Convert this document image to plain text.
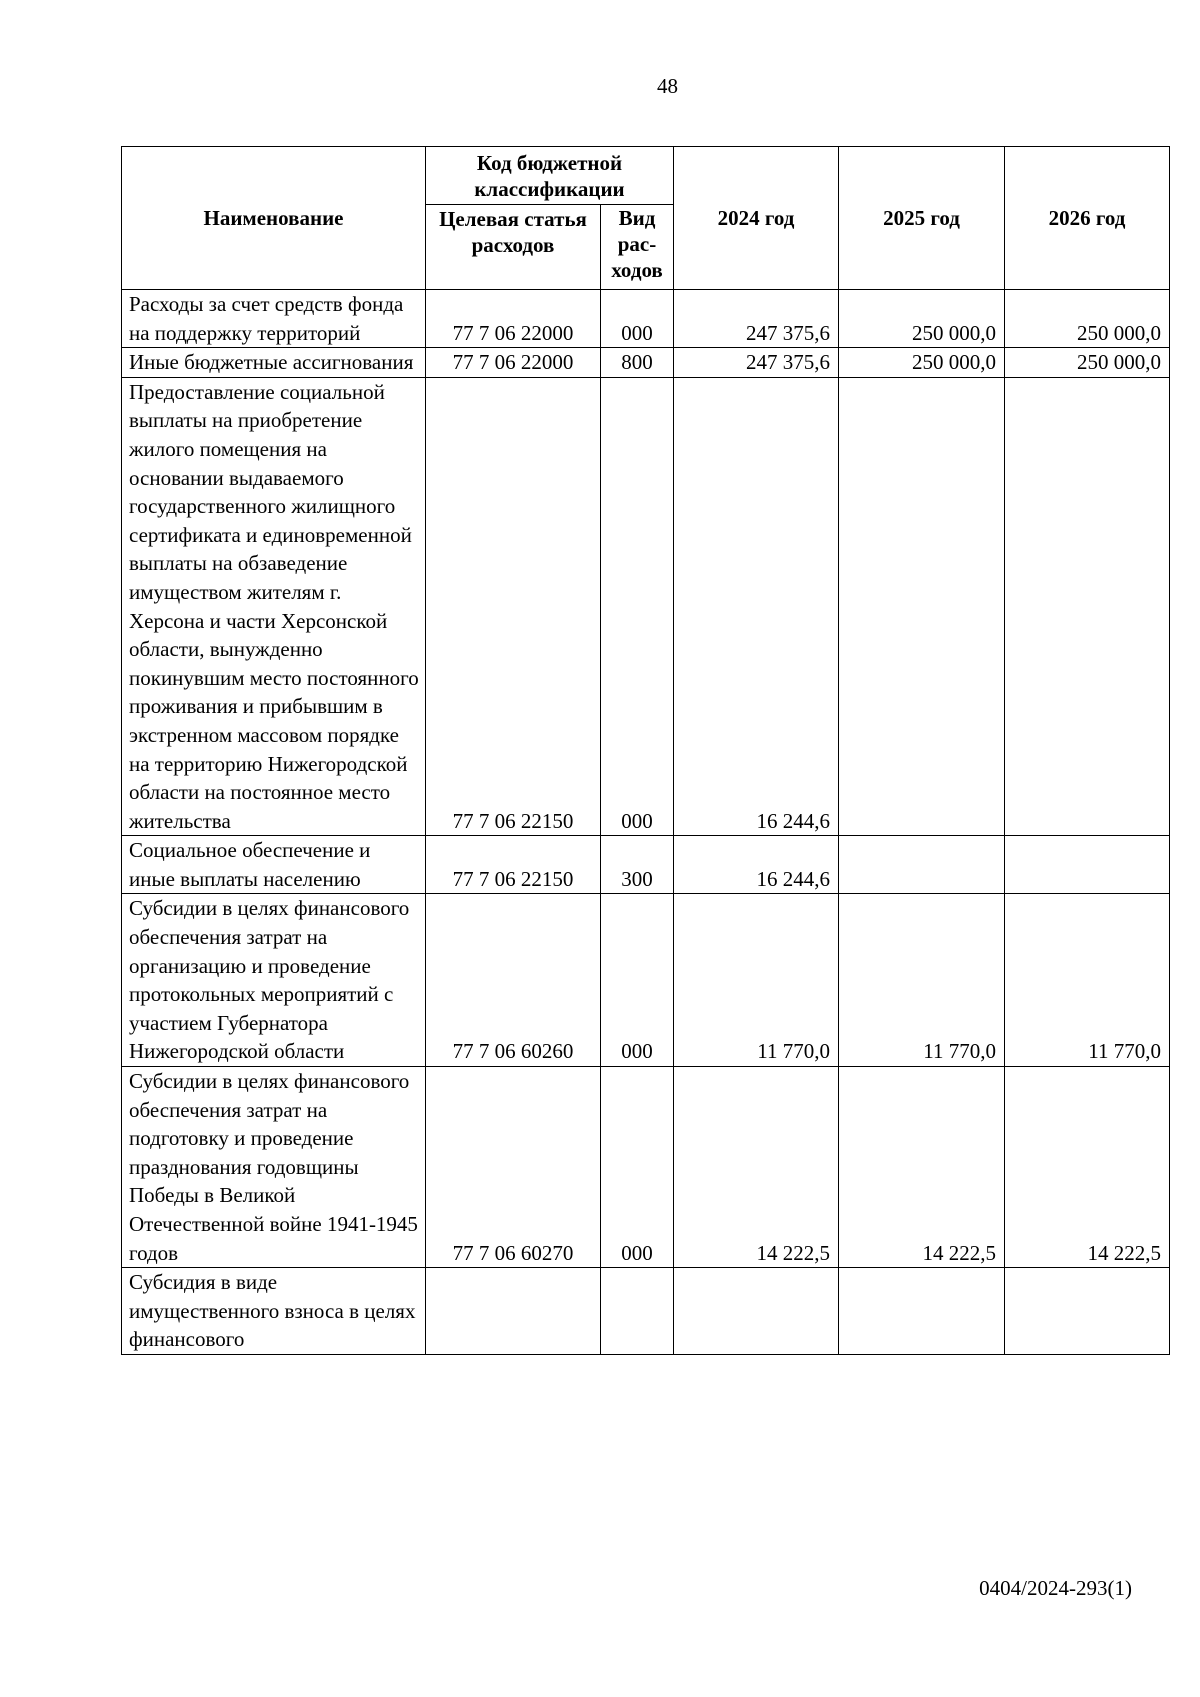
48
Наименование	Код бюджетной классификации		2024 год	2025 год	2026 год
	Целевая статья расходов	Вид рас-ходов			
Расходы за счет средств фонда на поддержку территорий	77 7 06 22000	000	247 375,6	250 000,0	250 000,0
Иные бюджетные ассигнования	77 7 06 22000	800	247 375,6	250 000,0	250 000,0
Предоставление социальной выплаты на приобретение жилого помещения на основании выдаваемого государственного жилищного сертификата и единовременной выплаты на обзаведение имуществом жителям г. Херсона и части Херсонской области, вынужденно покинувшим место постоянного проживания и прибывшим в экстренном массовом порядке на территорию Нижегородской области на постоянное место жительства	77 7 06 22150	000	16 244,6		
Социальное обеспечение и иные выплаты населению	77 7 06 22150	300	16 244,6		
Субсидии в целях финансового обеспечения затрат на организацию и проведение протокольных мероприятий с участием Губернатора Нижегородской области	77 7 06 60260	000	11 770,0	11 770,0	11 770,0
Субсидии в целях финансового обеспечения затрат на подготовку и проведение празднования годовщины Победы в Великой Отечественной войне 1941-1945 годов	77 7 06 60270	000	14 222,5	14 222,5	14 222,5
Субсидия в виде имущественного взноса в целях финансового					
0404/2024-293(1)
